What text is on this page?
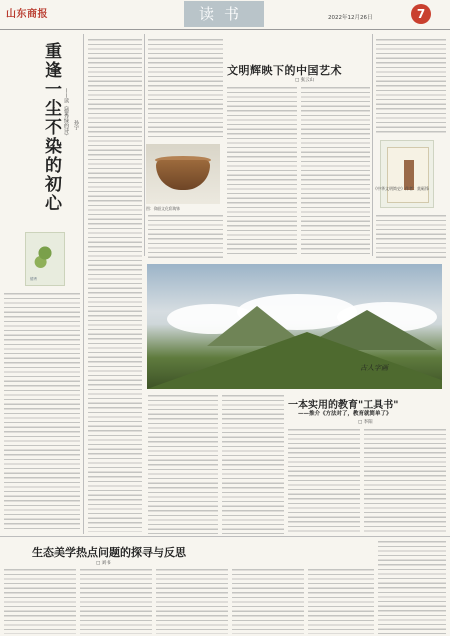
山东商报	读书	2022年12月26日	7
重逢一尘不染的初心 ——读《德秀绿的诗》 孙宇
德秀
图：仰韶文化彩陶钵
文明辉映下的中国艺术
□ 张云山
《中华文明简史》作者：莫砺锋
古人字画
一本实用的教育"工具书"
——推介《方法对了，教育就简单了》
□ 李阳
生态美学热点问题的探寻与反思
□ 刘书
